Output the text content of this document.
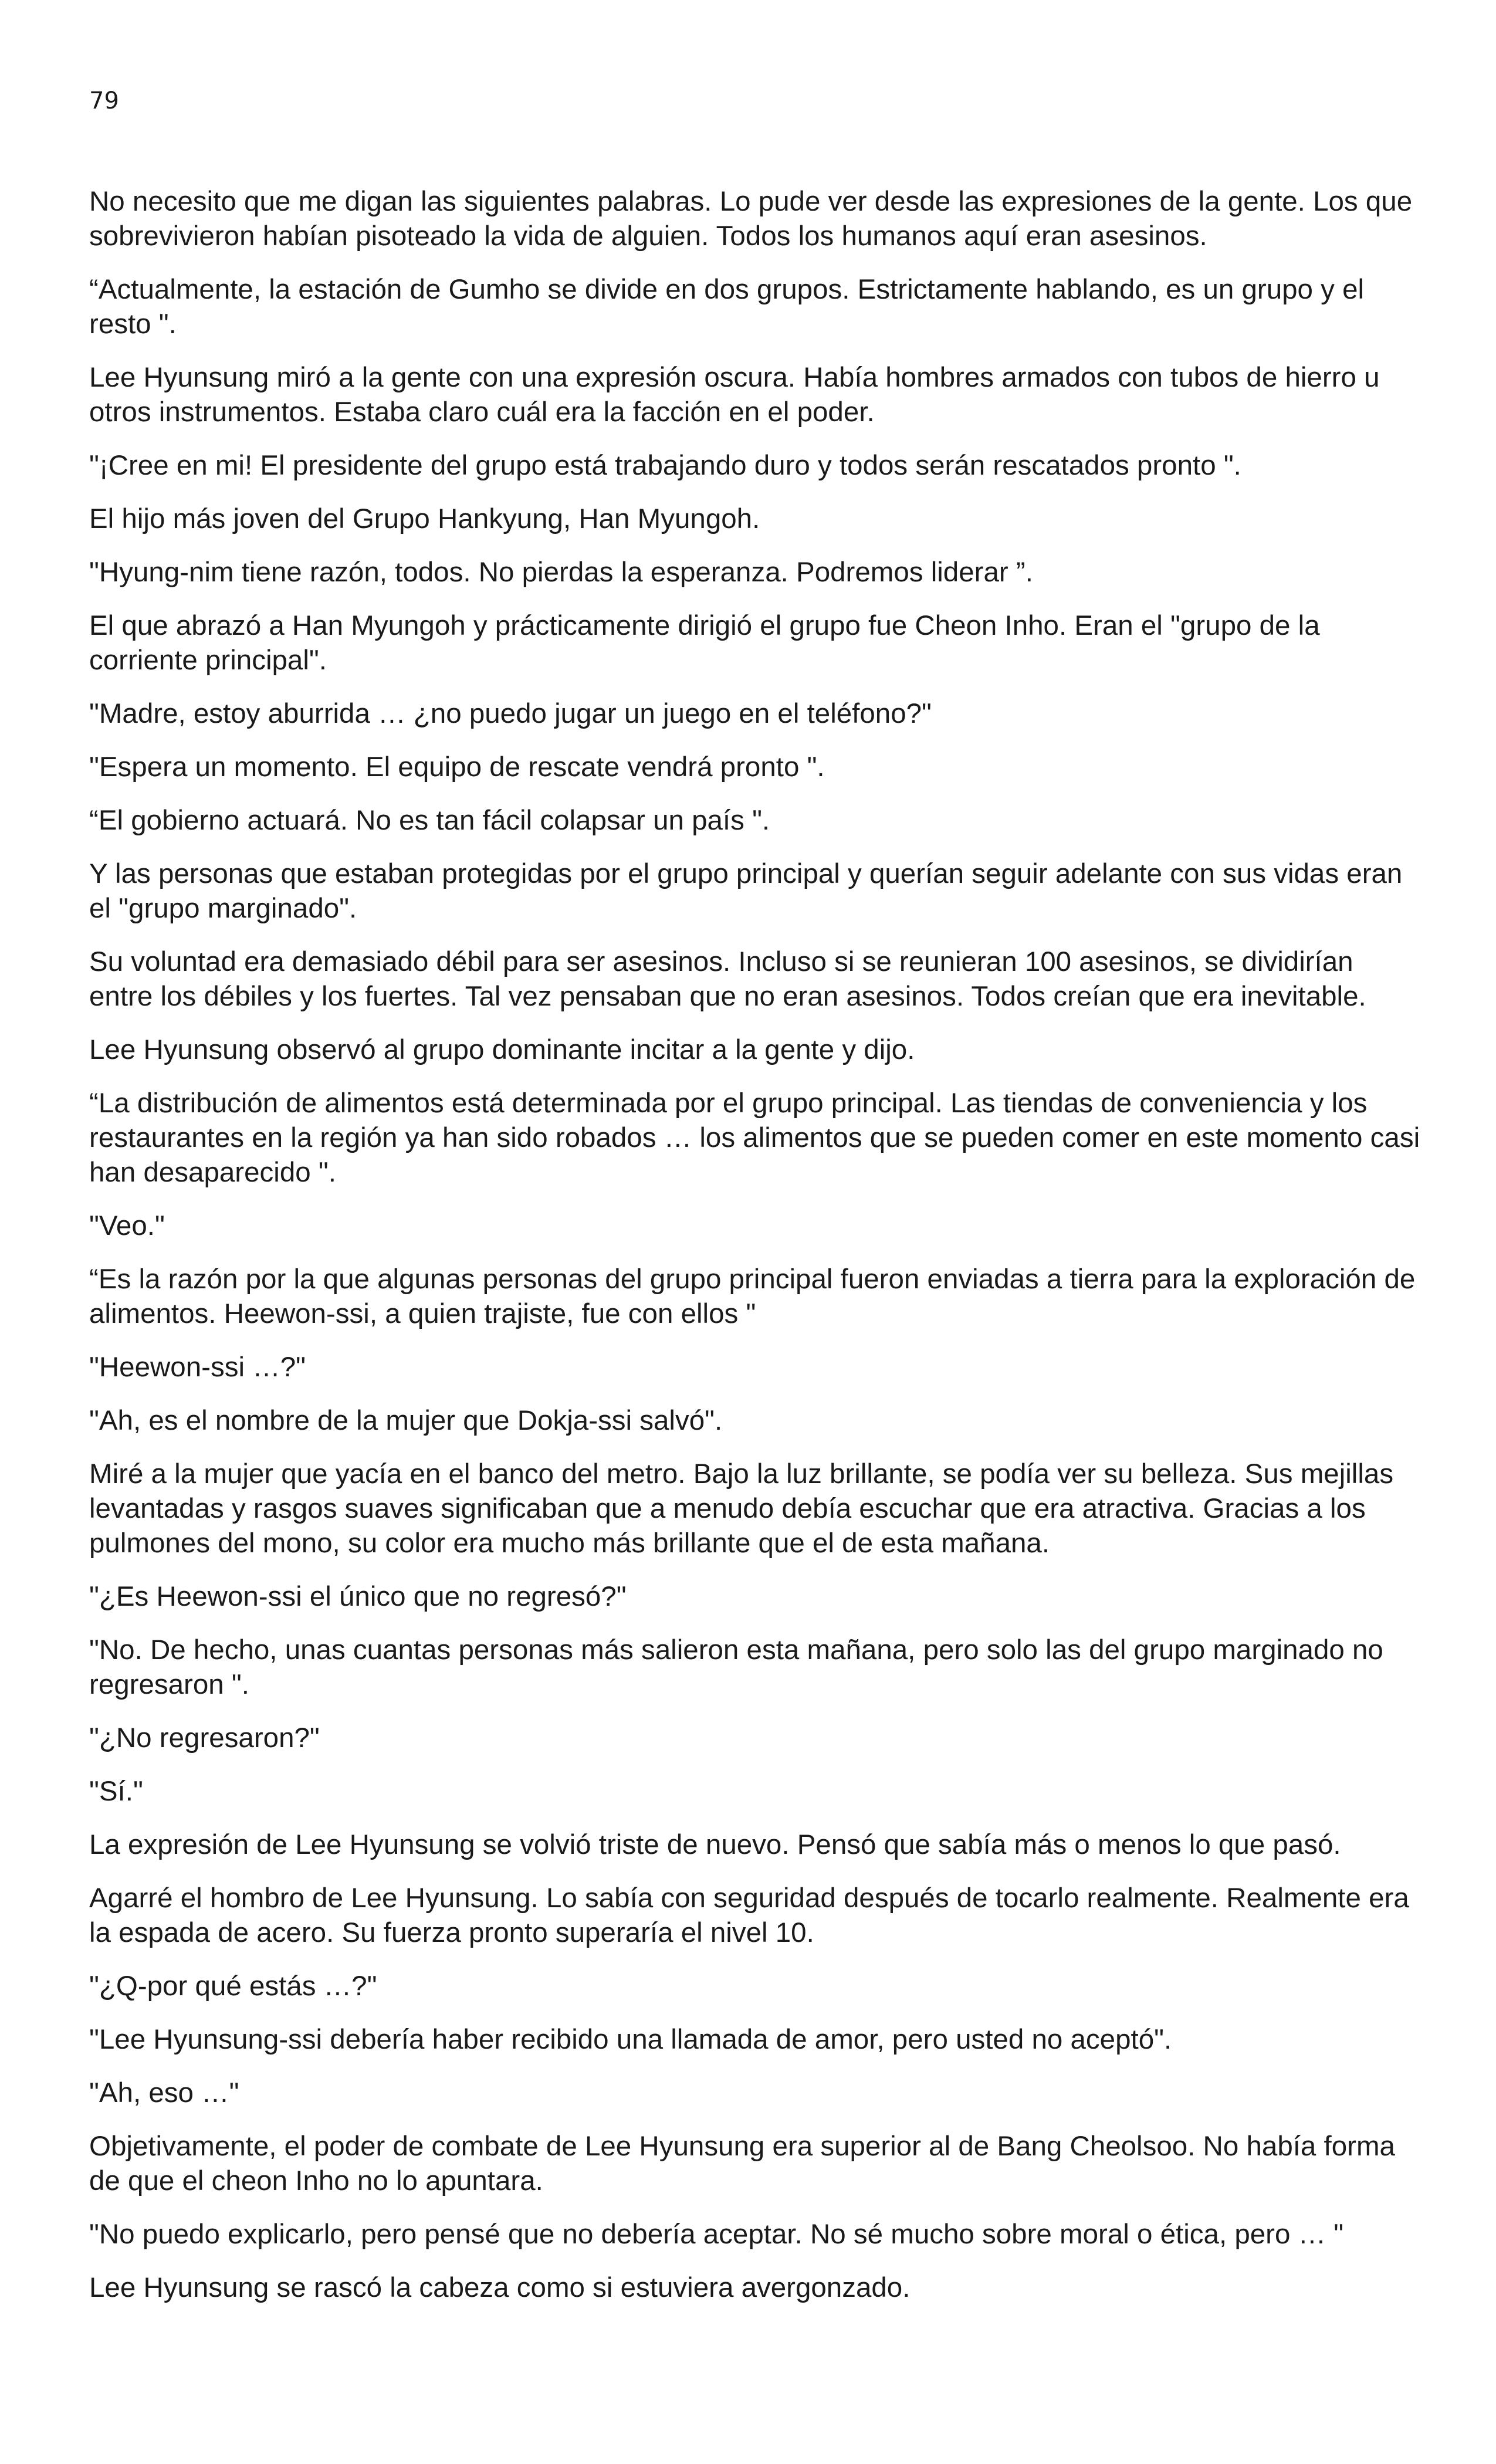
79

No necesito que me digan las siguientes palabras. Lo pude ver desde las expresiones de la gente. Los que sobrevivieron habían pisoteado la vida de alguien. Todos los humanos aquí eran asesinos.

“Actualmente, la estación de Gumho se divide en dos grupos. Estrictamente hablando, es un grupo y el resto ".

Lee Hyunsung miró a la gente con una expresión oscura. Había hombres armados con tubos de hierro u otros instrumentos. Estaba claro cuál era la facción en el poder.

"¡Cree en mi! El presidente del grupo está trabajando duro y todos serán rescatados pronto ".

El hijo más joven del Grupo Hankyung, Han Myungoh.

"Hyung-nim tiene razón, todos. No pierdas la esperanza. Podremos liderar ”.

El que abrazó a Han Myungoh y prácticamente dirigió el grupo fue Cheon Inho. Eran el "grupo de la corriente principal".

"Madre, estoy aburrida … ¿no puedo jugar un juego en el teléfono?"

"Espera un momento. El equipo de rescate vendrá pronto ".

“El gobierno actuará. No es tan fácil colapsar un país ".

Y las personas que estaban protegidas por el grupo principal y querían seguir adelante con sus vidas eran el "grupo marginado".

Su voluntad era demasiado débil para ser asesinos. Incluso si se reunieran 100 asesinos, se dividirían entre los débiles y los fuertes. Tal vez pensaban que no eran asesinos. Todos creían que era inevitable.

Lee Hyunsung observó al grupo dominante incitar a la gente y dijo.

“La distribución de alimentos está determinada por el grupo principal. Las tiendas de conveniencia y los restaurantes en la región ya han sido robados … los alimentos que se pueden comer en este momento casi han desaparecido ".

"Veo."

“Es la razón por la que algunas personas del grupo principal fueron enviadas a tierra para la exploración de alimentos. Heewon-ssi, a quien trajiste, fue con ellos "

"Heewon-ssi …?"

"Ah, es el nombre de la mujer que Dokja-ssi salvó".

Miré a la mujer que yacía en el banco del metro. Bajo la luz brillante, se podía ver su belleza. Sus mejillas levantadas y rasgos suaves significaban que a menudo debía escuchar que era atractiva. Gracias a los pulmones del mono, su color era mucho más brillante que el de esta mañana.

"¿Es Heewon-ssi el único que no regresó?"

"No. De hecho, unas cuantas personas más salieron esta mañana, pero solo las del grupo marginado no regresaron ".

"¿No regresaron?"

"Sí."

La expresión de Lee Hyunsung se volvió triste de nuevo. Pensó que sabía más o menos lo que pasó.

Agarré el hombro de Lee Hyunsung. Lo sabía con seguridad después de tocarlo realmente. Realmente era la espada de acero. Su fuerza pronto superaría el nivel 10.

"¿Q-por qué estás …?"

"Lee Hyunsung-ssi debería haber recibido una llamada de amor, pero usted no aceptó".

"Ah, eso …"

Objetivamente, el poder de combate de Lee Hyunsung era superior al de Bang Cheolsoo. No había forma de que el cheon Inho no lo apuntara.

"No puedo explicarlo, pero pensé que no debería aceptar. No sé mucho sobre moral o ética, pero … "

Lee Hyunsung se rascó la cabeza como si estuviera avergonzado.
